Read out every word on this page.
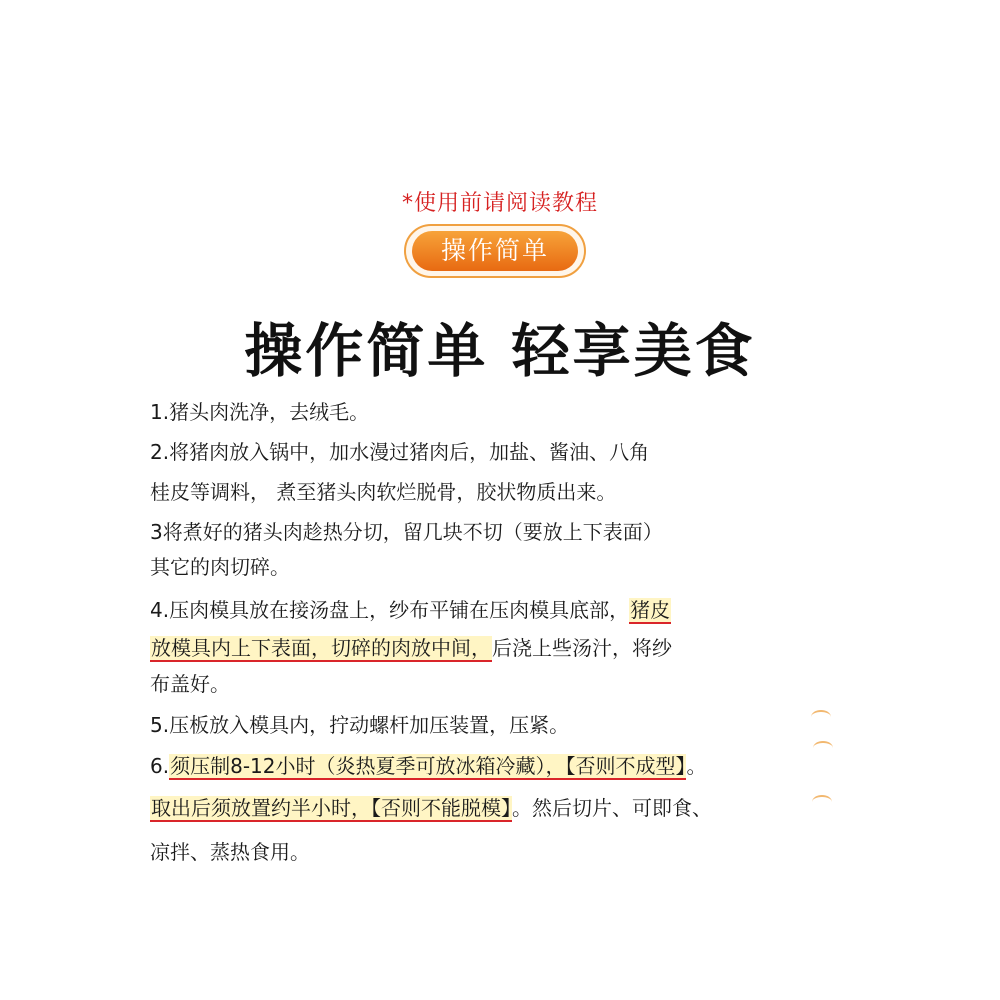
*使用前请阅读教程
操作简单
操作简单 轻享美食
1.猪头肉洗净，去绒毛。
2.将猪肉放入锅中，加水漫过猪肉后，加盐、酱油、八角
桂皮等调料， 煮至猪头肉软烂脱骨，胶状物质出来。
3将煮好的猪头肉趁热分切，留几块不切（要放上下表面）
其它的肉切碎。
4.压肉模具放在接汤盘上，纱布平铺在压肉模具底部，猪皮
放模具内上下表面，切碎的肉放中间，后浇上些汤汁，将纱
布盖好。
5.压板放入模具内，拧动螺杆加压装置，压紧。
6.须压制8-12小时（炎热夏季可放冰箱冷藏），【否则不成型】。
取出后须放置约半小时，【否则不能脱模】。然后切片、可即食、
凉拌、蒸热食用。
